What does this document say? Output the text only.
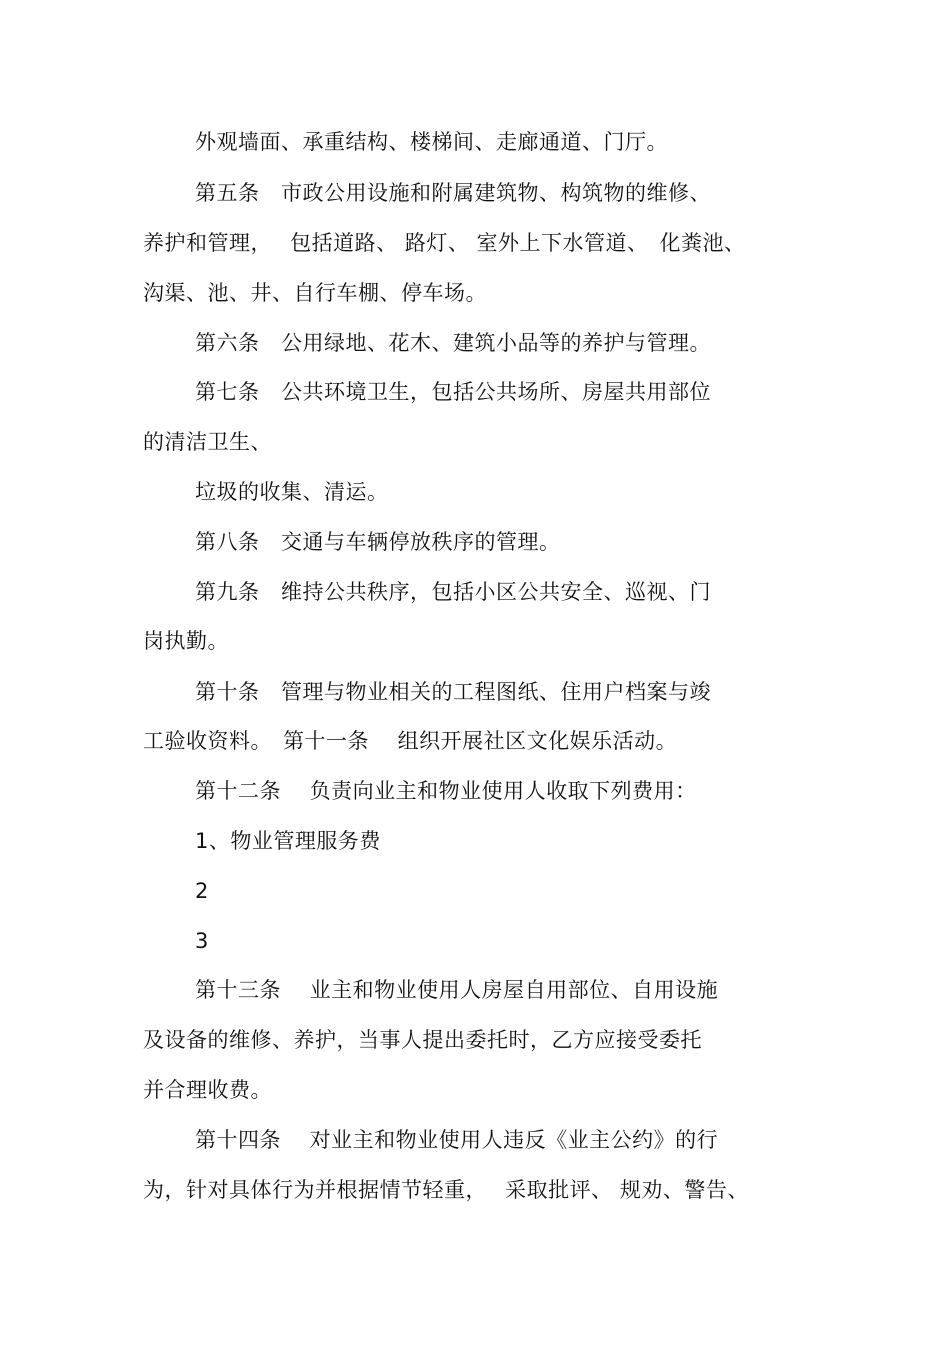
外观墙面、承重结构、楼梯间、走廊通道、门厅。
第五条　市政公用设施和附属建筑物、构筑物的维修、
养护和管理，　 包括道路、 路灯、 室外上下水管道、　化粪池、
沟渠、池、井、自行车棚、停车场。
第六条　公用绿地、花木、建筑小品等的养护与管理。
第七条　公共环境卫生，包括公共场所、房屋共用部位
的清洁卫生、
垃圾的收集、清运。
第八条　交通与车辆停放秩序的管理。
第九条　维持公共秩序，包括小区公共安全、巡视、门
岗执勤。
第十条　管理与物业相关的工程图纸、住用户档案与竣
工验收资料。　第十一条　 组织开展社区文化娱乐活动。
第十二条　 负责向业主和物业使用人收取下列费用：
1、物业管理服务费
2
3
第十三条　 业主和物业使用人房屋自用部位、自用设施
及设备的维修、养护，当事人提出委托时，乙方应接受委托
并合理收费。
第十四条　 对业主和物业使用人违反《业主公约》的行
为，针对具体行为并根据情节轻重，　 采取批评、 规劝、警告、
